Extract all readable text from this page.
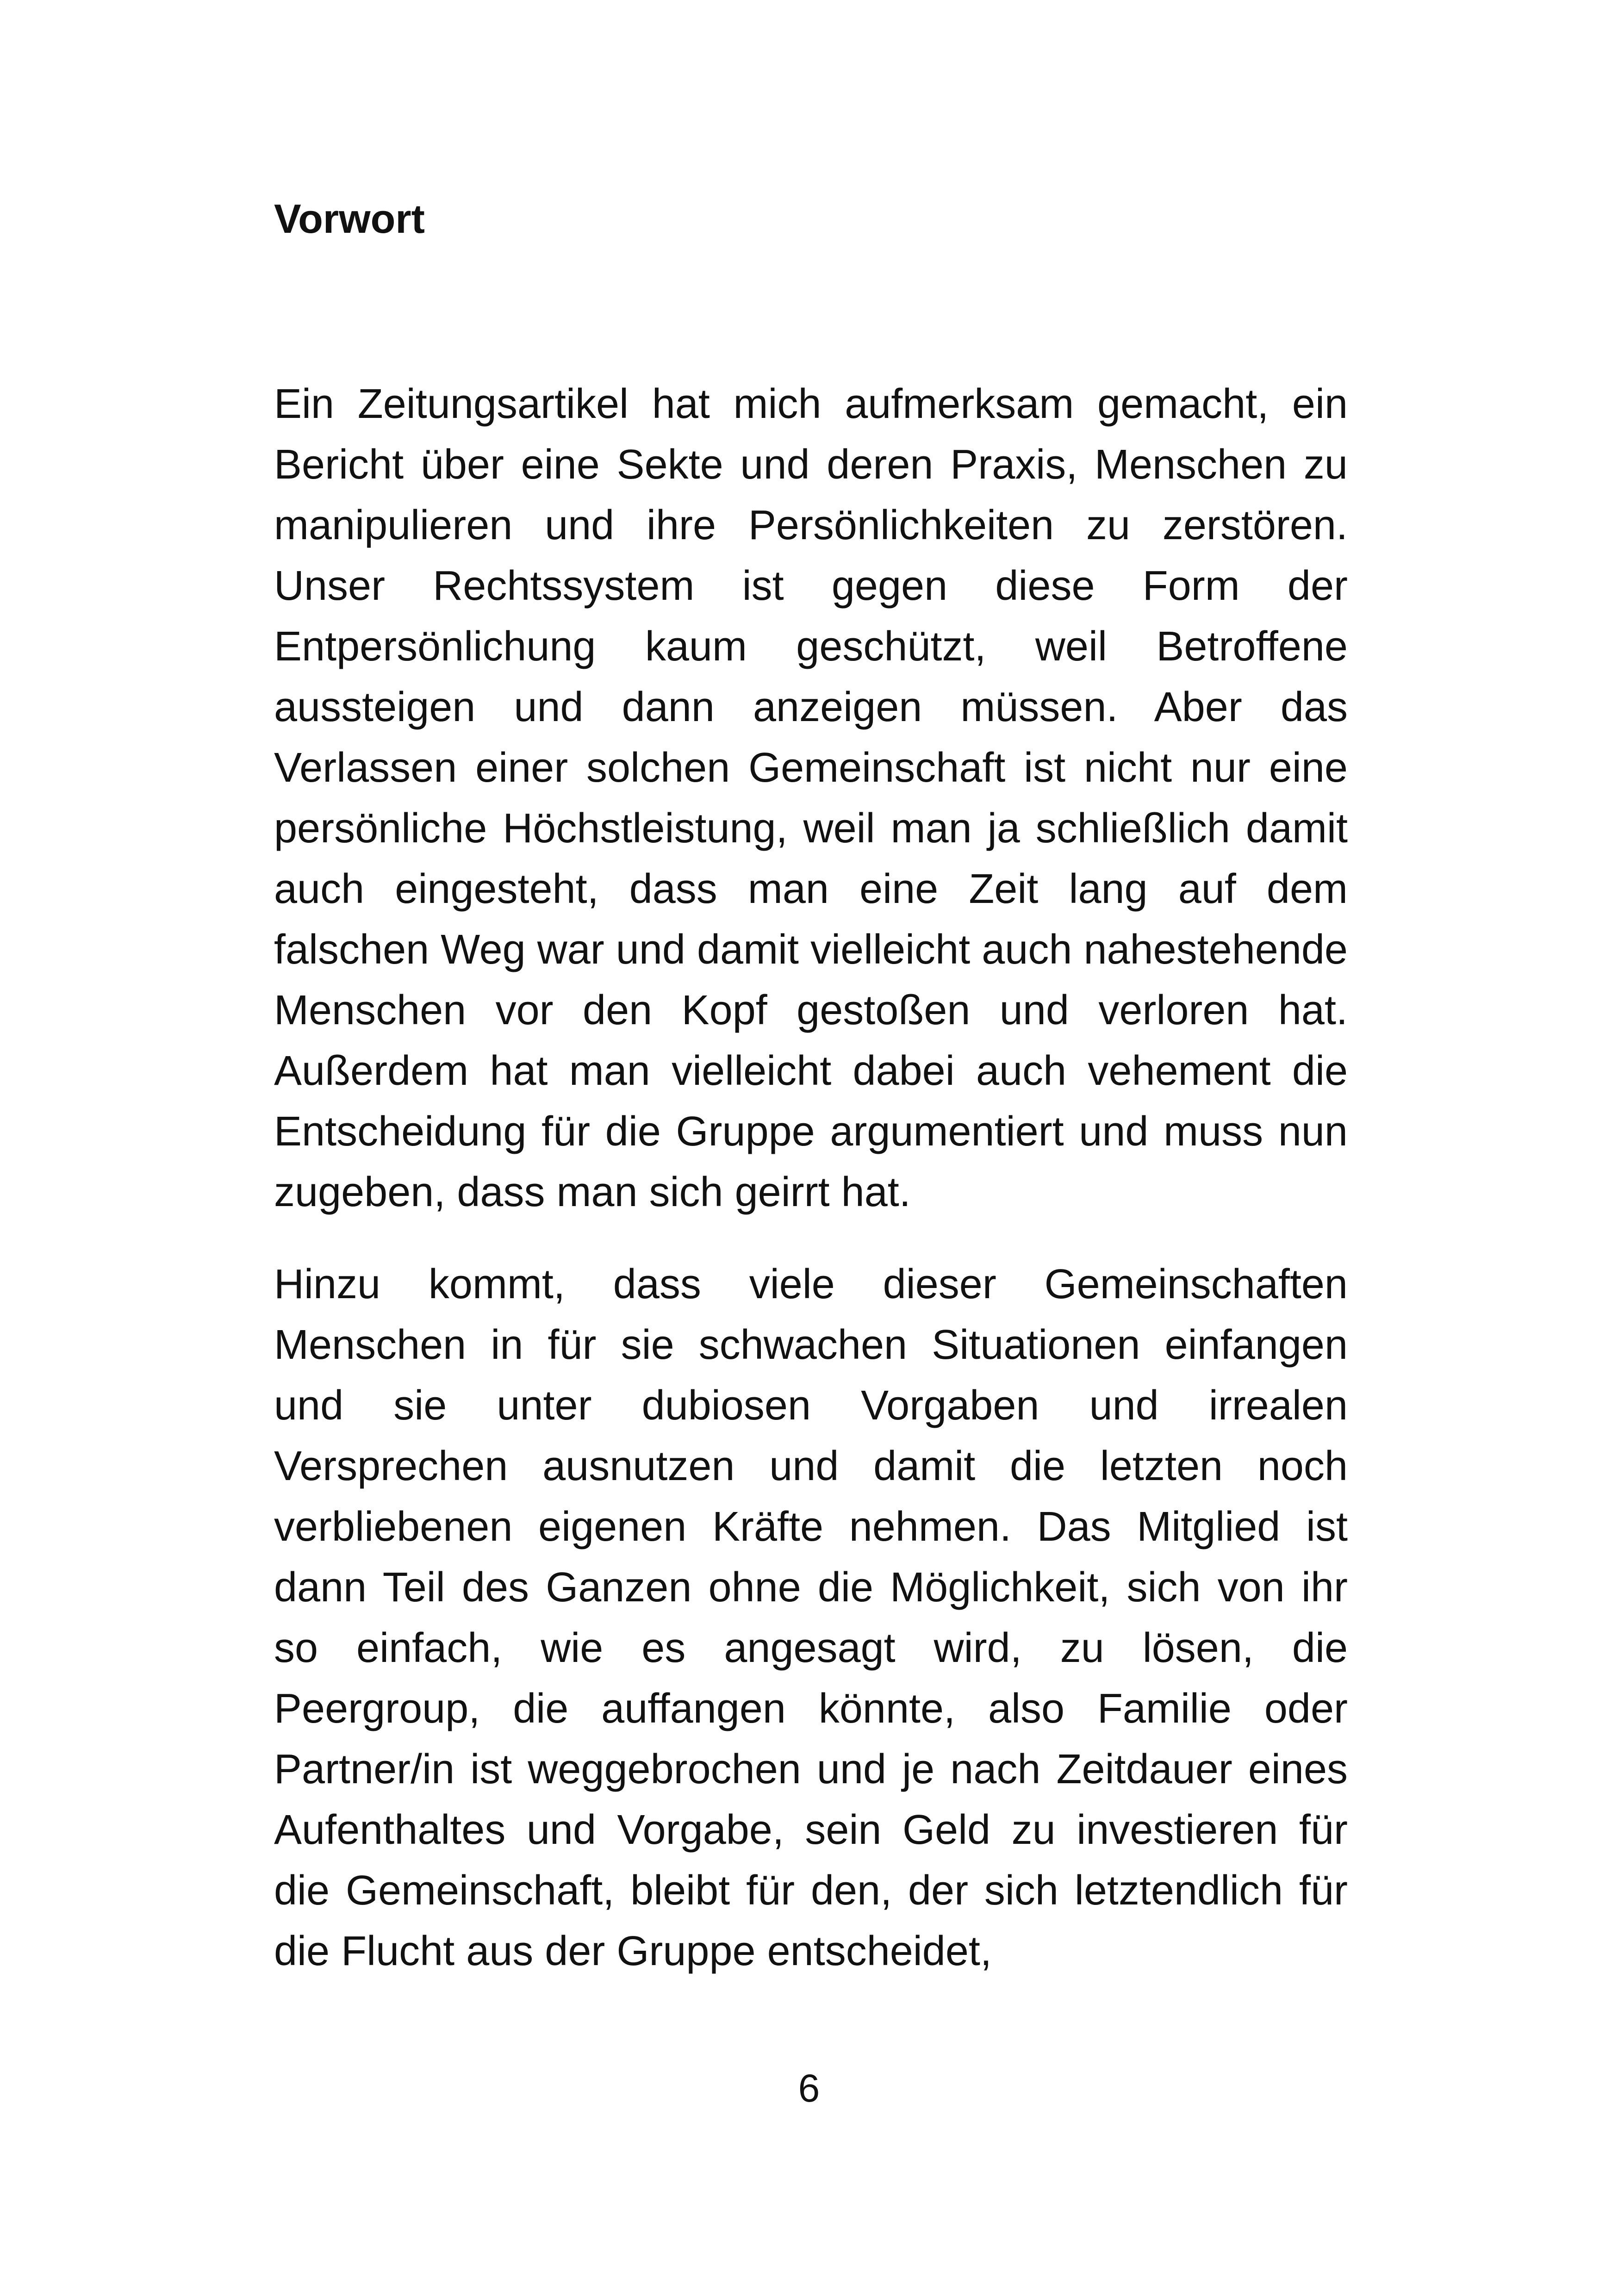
Vorwort

Ein Zeitungsartikel hat mich aufmerksam gemacht, ein Bericht über eine Sekte und deren Praxis, Menschen zu manipulieren und ihre Persönlichkeiten zu zerstören. Unser Rechtssystem ist gegen diese Form der Entpersönlichung kaum geschützt, weil Betroffene aussteigen und dann anzeigen müssen. Aber das Verlassen einer solchen Gemeinschaft ist nicht nur eine persönliche Höchstleistung, weil man ja schließlich damit auch eingesteht, dass man eine Zeit lang auf dem falschen Weg war und damit vielleicht auch nahestehende Menschen vor den Kopf gestoßen und verloren hat. Außerdem hat man vielleicht dabei auch vehement die Entscheidung für die Gruppe argumentiert und muss nun zugeben, dass man sich geirrt hat.

Hinzu kommt, dass viele dieser Gemeinschaften Menschen in für sie schwachen Situationen einfangen und sie unter dubiosen Vorgaben und irrealen Versprechen ausnutzen und damit die letzten noch verbliebenen eigenen Kräfte nehmen. Das Mitglied ist dann Teil des Ganzen ohne die Möglichkeit, sich von ihr so einfach, wie es angesagt wird, zu lösen, die Peergroup, die auffangen könnte, also Familie oder Partner/in ist weggebrochen und je nach Zeitdauer eines Aufenthaltes und Vorgabe, sein Geld zu investieren für die Gemeinschaft, bleibt für den, der sich letztendlich für die Flucht aus der Gruppe entscheidet,

6
